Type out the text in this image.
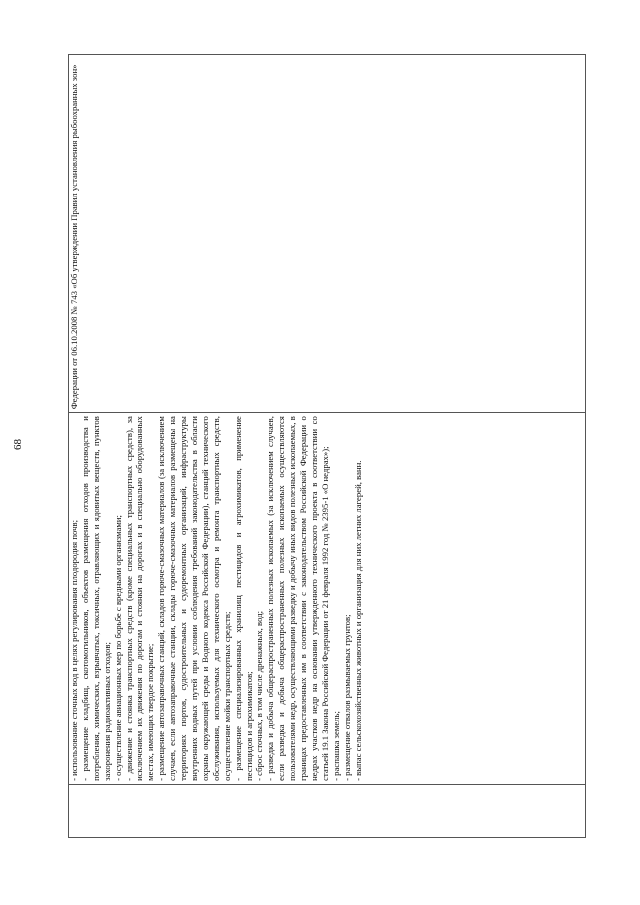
68

- использование сточных вод в целях регулирования плодородия почв; - размещение кладбищ, скотомогильников, объектов размещения отходов производства и потребления, химических, взрывчатых, токсичных, отравляющих и ядовитых веществ, пунктов захоронения радиоактивных отходов; - осуществление авиационных мер по борьбе с вредными организмами; - движение и стоянка транспортных средств (кроме специальных транспортных средств), за исключением их движения по дорогам и стоянки на дорогах и в специально оборудованных местах, имеющих твердое покрытие; - размещение автозаправочных станций, складов горюче-смазочных материалов (за исключением случаев, если автозаправочные станции, склады горюче-смазочных материалов размещены на территориях портов, судостроительных и судоремонтных организаций, инфраструктуры внутренних водных путей при условии соблюдения требований законодательства в области охраны окружающей среды и Водного кодекса Российской Федерации), станций технического обслуживания, используемых для технического осмотра и ремонта транспортных средств, осуществление мойки транспортных средств; - размещение специализированных хранилищ пестицидов и агрохимикатов, применение пестицидов и агрохимикатов; - сброс сточных, в том числе дренажных, вод; - разведка и добыча общераспространенных полезных ископаемых (за исключением случаев, если разведка и добыча общераспространенных полезных ископаемых осуществляются пользователями недр, осуществляющими разведку и добычу иных видов полезных ископаемых, в границах предоставленных им в соответствии с законодательством Российской Федерации о недрах участков недр на основании утвержденного технического проекта в соответствии со статьей 19.1 Закона Российской Федерации от 21 февраля 1992 год № 2395-1 «О недрах»); - распашка земель; - размещение отвалов размываемых грунтов; - выпас сельскохозяйственных животных и организация для них летних лагерей, ванн.

	Федерации от 06.10.2008 № 743 «Об утверждении Правил установления рыбоохранных зон»
